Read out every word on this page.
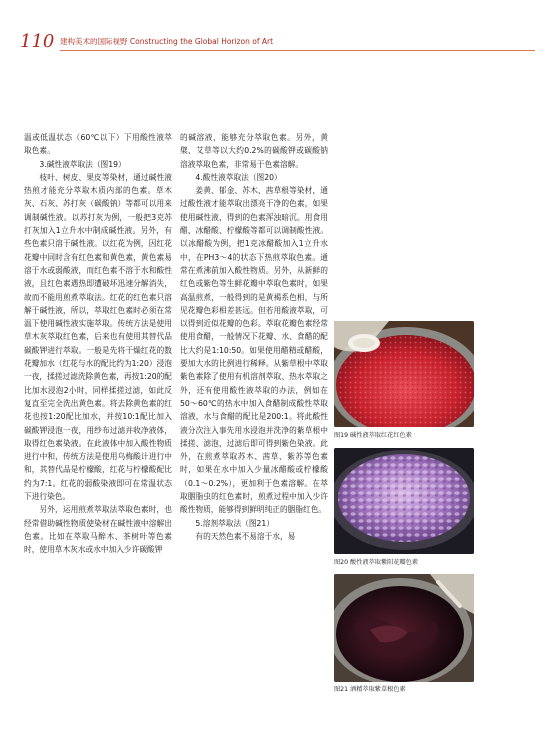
110 建构美术的国际视野 Constructing the Global Horizon of Art

温或低温状态（60℃以下）下用酸性液萃取色素。

3.碱性液萃取法（图19）

枝叶、树皮、果皮等染材，通过碱性液热煎才能充分萃取木质内部的色素。草木灰、石灰、苏打灰（碳酸钠）等都可以用来调制碱性液。以苏打灰为例，一般把3克苏打灰加入1立升水中制成碱性液。另外，有些色素只溶于碱性液。以红花为例，因红花花瓣中同时含有红色素和黄色素，黄色素易溶于水或弱酸液，而红色素不溶于水和酸性液，且红色素遇热即遭破坏迅速分解消失，故而不能用煎煮萃取法。红花的红色素只溶解于碱性液，所以，萃取红色素时必须在常温下使用碱性液实施萃取。传统方法是使用草木灰萃取红色素，后来也有使用其替代品碳酸钾进行萃取。一般是先将干燥红花的数花瓣加水（红花与水的配比约为1:20）浸泡一夜，揉搓过滤洗除黄色素，再按1:20的配比加水浸泡2小时，同样揉搓过滤，如此反复直至完全洗出黄色素。将去除黄色素的红花也按1:20配比加水，并按10:1配比加入碳酸钾浸泡一夜，用纱布过滤并收净液体，取得红色素染液。在此液体中加入酸性物质进行中和，传统方法是使用乌梅酸计进行中和，其替代品是柠檬酸，红花与柠檬酸配比约为7:1。红花的弱酸染液即可在常温状态下进行染色。

另外，运用煎煮萃取法萃取色素时，也经常借助碱性物质使染材在碱性液中溶解出色素。比如在萃取马醉木、茶树叶等色素时，使用草木灰水或水中加入少许碳酸钾

的碱溶液，能够充分萃取色素。另外，黄檗、艾草等以大约0.2%的碳酸钾或碳酸钠溶液萃取色素，非常易于色素溶解。

4.酸性液萃取法（图20）

姜黄、郁金、苏木、茜草根等染材，通过酸性液才能萃取出漂亮干净的色素，如果使用碱性液，得到的色素浑浊暗沉。用食用醋、冰醋酸、柠檬酸等都可以调制酸性液。以冰醋酸为例，把1克冰醋酸加入1立升水中，在PH3～4的状态下热煎萃取色素。通常在煮沸前加入酸性物质。另外，从新鲜的红色或紫色等生鲜花瓣中萃取色素时，如果高温煎煮，一般得到的是黄褐系色相，与所见花瓣色彩相差甚远。但若用酸液萃取，可以得到近似花瓣的色彩。萃取花瓣色素经常使用食醋，一般情况下花瓣、水、食醋的配比大约是1:10:50。如果使用醋精或醋酸，要加大水的比例进行稀释。从紫草根中萃取紫色素除了使用有机溶剂萃取、热水萃取之外，还有使用酸性液萃取的办法，例如在50～60℃的热水中加入食醋制成酸性萃取溶液，水与食醋的配比是200:1。将此酸性液分次注入事先用水浸泡并洗净的紫草根中揉搓、滤泡，过滤后即可得到紫色染液。此外，在煎煮萃取苏木、茜草、紫苏等色素时，如果在水中加入少量冰醋酸或柠檬酸（0.1～0.2%），更加利于色素溶解。在萃取胭脂虫的红色素时，煎煮过程中加入少许酸性物质，能够得到鲜明纯正的胭脂红色。

5.溶剂萃取法（图21）

有的天然色素不易溶于水，易

图19 碱性液萃取红花红色素
图20 酸性液萃取紫阳花瓣色素
图21 酒精萃取紫草根色素
